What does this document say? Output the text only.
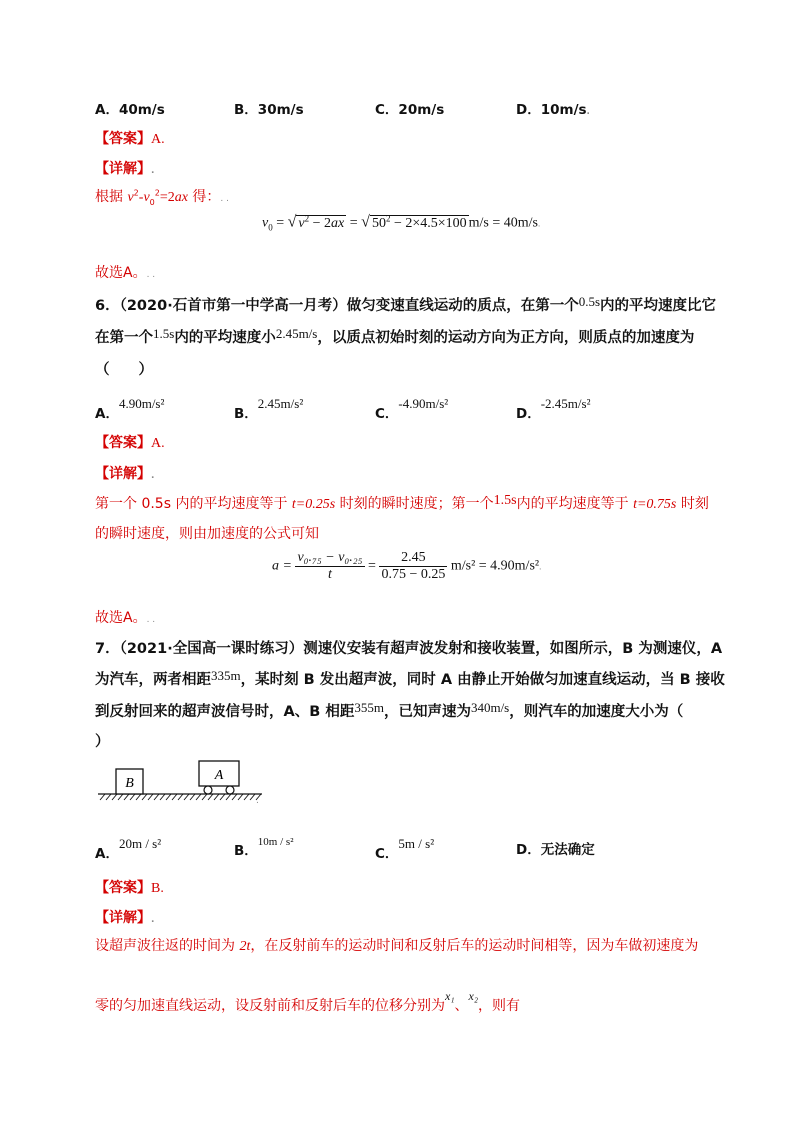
A．40m/s	B．30m/s	C．20m/s	D．10m/s.
【答案】A.
【详解】.
根据 $v^2-v_0^2=2ax$ 得：. .
$v_0$ = √ $v^2 - 2ax$ = √ $50^2 - 2\times 4.5\times 100$ m/s = 40m/s.
故选A。. .
6．（2020·石首市第一中学高一月考）做匀变速直线运动的质点，在第一个0.5s内的平均速度比它
在第一个1.5s内的平均速度小2.45m/s，以质点初始时刻的运动方向为正方向，则质点的加速度为
（　　）
A．4.90m/s²
B．2.45m/s²
C．-4.90m/s²
D．-2.45m/s²
【答案】A.
【详解】.
第一个 0.5s 内的平均速度等于 t=0.25s 时刻的瞬时速度；第一个1.5s内的平均速度等于 t=0.75s 时刻
的瞬时速度，则由加速度的公式可知
$a = \frac{\text{v₀.₇₅ − v₀.₂₅}}{t} = \frac{2.45}{0.75 - 0.25} m/s^2 = 4.90m/s^2$.
故选A。. .
7．（2021·全国高一课时练习）测速仪安装有超声波发射和接收装置，如图所示，B 为测速仪，A
为汽车，两者相距335m，某时刻 B 发出超声波，同时 A 由静止开始做匀加速直线运动，当 B 接收
到反射回来的超声波信号时，A、B 相距355m，已知声速为340m/s，则汽车的加速度大小为（
）
B
A
.
A．20m / s²	B．$^{10m / s^2}$
C．5m / s²	D．无法确定
【答案】B.
【详解】.
设超声波往返的时间为 2t，在反射前车的运动时间和反射后车的运动时间相等，因为车做初速度为
零的匀加速直线运动，设反射前和反射后车的位移分别为x₁、x₂，则有
